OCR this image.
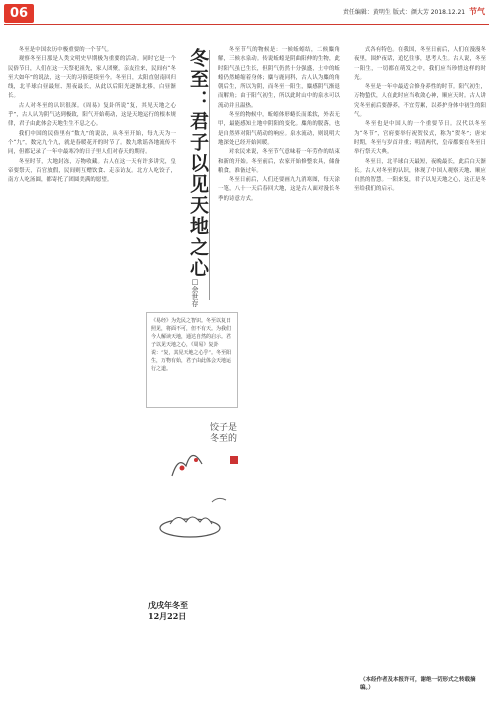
06	责任编辑：黄明生 版式：颜大芳 2018.12.21 节气

冬至是中国农历中极重要的一个节气。

观察冬至日那是人类文明史早期极为重要的活动。同时它是一个民俗节日，人们在这一天祭祀祖先，家人团聚，亲友往来，民间有“冬至大如年”的说法，这一天的习俗延续至今。冬至日，太阳直射南回归线，北半球白昼最短、黑夜最长，从此以后阳光逐渐北移，白昼渐长。

古人对冬至的认识很深。《周易》复卦所说“复，其见天地之心乎”，古人认为阴气达到极致，阳气开始萌动，这是天地运行的根本规律，君子由此体会天地生生不息之心。

我们中国的民俗里有“数九”的说法，从冬至开始，每九天为一个“九”，数完九个九，就是春暖花开的时节了。数九歌谣各地流传不同，但都记录了一年中最寒冷的日子里人们对春天的期待。

冬至时节，大地封冻，万物收藏。古人在这一天有许多讲究，皇帝要祭天，百官放假，民间则互赠饮食、走亲访友。北方人吃饺子，南方人吃汤圆，都寄托了团圆美满的愿望。	冬至：君子以见天地之心
□余世存

冬至节气的物候是：一候蚯蚓结，二候麋角解，三候水泉动。传说蚯蚓是阴曲阳伸的生物，此时阳气虽已生长，但阴气仍然十分强盛，土中的蚯蚓仍然蜷缩着身体；麋与鹿同科，古人认为麋的角朝后生，所以为阴，而冬至一阳生，麋感阴气渐退而解角；由于阳气初生，所以此时山中的泉水可以流动并且温热。

冬至的物候中，蚯蚓体形蜷长而柔软，外表无甲，最能感知土地中阴阳的变化。麋角的脱落，也是自然界对阳气萌动的响应。泉水流动，则说明大地深处已经开始回暖。

对农民来说，冬至节气意味着一年劳作的结束和新的开始。冬至前后，农家开始修整农具，储备粮食，准备过年。

冬至日前后，人们还要画九九消寒图，每天涂一笔，八十一天后春回大地，这是古人面对漫长冬季的诗意方式。

式各有特色。在我国，冬至日前后，人们在漫漫冬夜里，围炉夜话，追忆往事，思考人生。古人说，冬至一阳生，一切都在萌发之中，我们应当珍惜这样的时光。

冬至是一年中最适合修身养性的时节。阳气初生，万物蛰伏，人在此时应当收敛心神，顺应天时。古人讲究冬至前后要静养，不宜劳累，以养护身体中初生的阳气。

冬至也是中国人的一个重要节日。汉代以冬至为“冬节”，官府要举行祝贺仪式，称为“贺冬”；唐宋时期，冬至与岁首并重；明清两代，皇帝都要在冬至日举行祭天大典。

冬至日，北半球白天最短，夜晚最长，此后白天渐长。古人对冬至的认识，体现了中国人观察天地、顺应自然的智慧。一阳来复，君子以见天地之心，这正是冬至给我们的启示。

《易经》为先民之智识。冬至以复日照见，将面不可，但不有天。为我们今人解读天地，通达自然的启示。君子以见天地之心，《周易》复卦说：“复，其见天地之心乎”。冬至阳生，万物有始，君子由此体会天地运行之道。
饺子是 冬至的
戊戌年冬至
12月22日
（本经作者及本报许可，谢绝一切形式之转载摘编。）
